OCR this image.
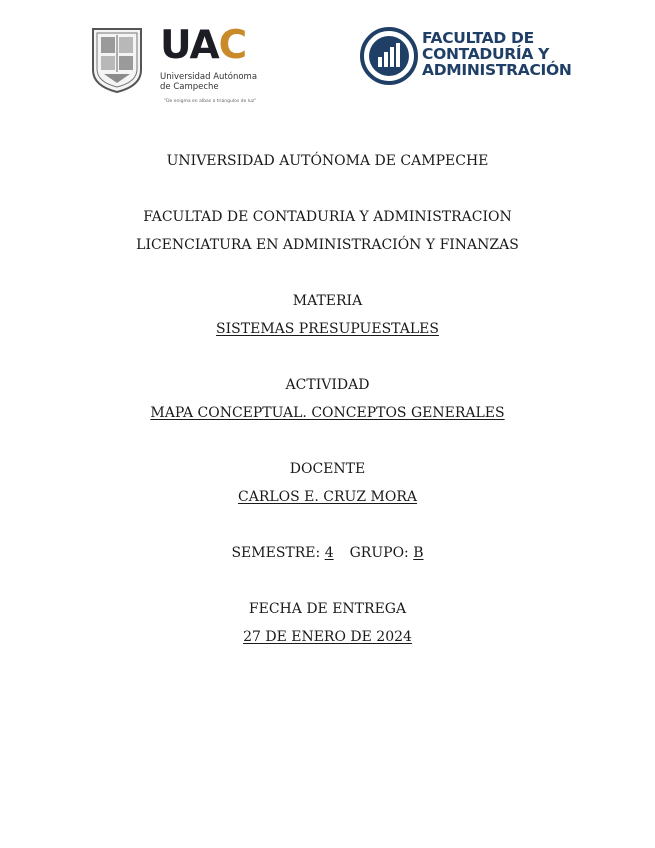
UAC
Universidad Autónoma
de Campeche
"De enigma en albas a triángulos de luz"
FACULTAD DE
CONTADURÍA Y
ADMINISTRACIÓN
UNIVERSIDAD AUTÓNOMA DE CAMPECHE
FACULTAD DE CONTADURIA Y ADMINISTRACION
LICENCIATURA EN ADMINISTRACIÓN Y FINANZAS
MATERIA
SISTEMAS PRESUPUESTALES
ACTIVIDAD
MAPA CONCEPTUAL. CONCEPTOS GENERALES
DOCENTE
CARLOS E. CRUZ MORA
SEMESTRE: 4 GRUPO: B
FECHA DE ENTREGA
27 DE ENERO DE 2024
